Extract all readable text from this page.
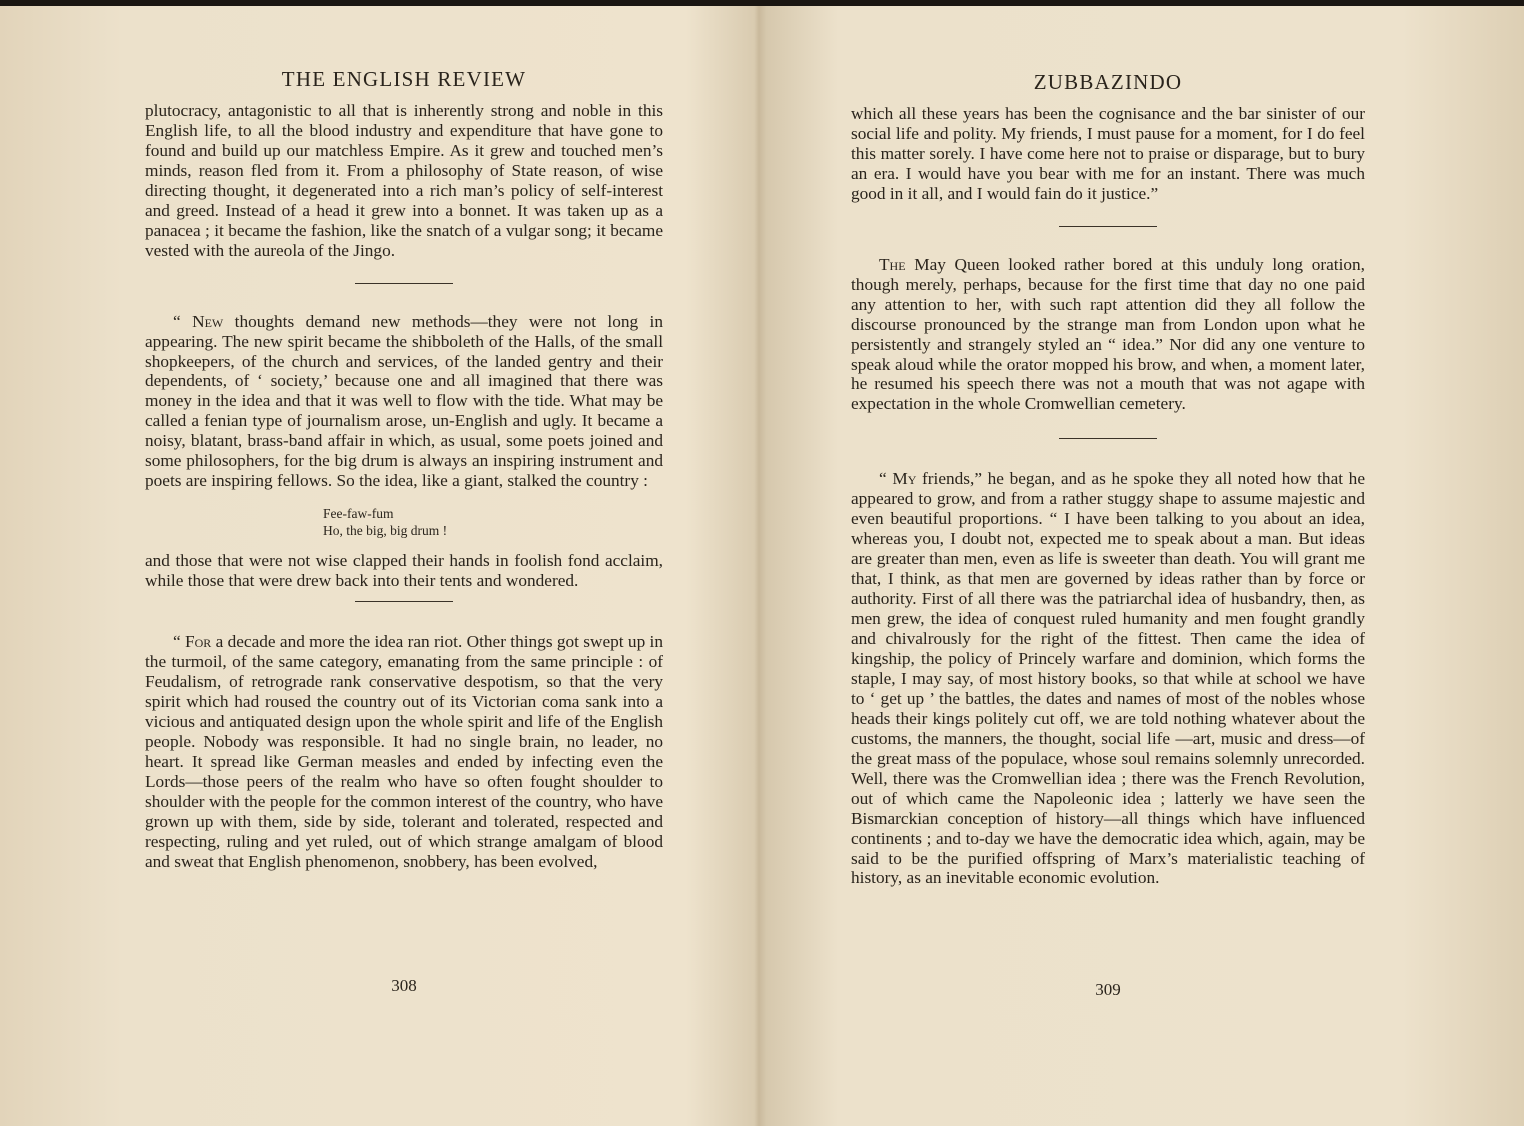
THE ENGLISH REVIEW

plutocracy, antagonistic to all that is inherently strong and noble in this English life, to all the blood industry and expenditure that have gone to found and build up our matchless Empire. As it grew and touched men’s minds, reason fled from it. From a philosophy of State reason, of wise directing thought, it degenerated into a rich man’s policy of self-interest and greed. Instead of a head it grew into a bonnet. It was taken up as a panacea ; it became the fashion, like the snatch of a vulgar song; it became vested with the aureola of the Jingo.

“ New thoughts demand new methods—they were not long in appearing. The new spirit became the shibboleth of the Halls, of the small shopkeepers, of the church and services, of the landed gentry and their dependents, of ‘ society,’ because one and all imagined that there was money in the idea and that it was well to flow with the tide. What may be called a fenian type of journalism arose, un-English and ugly. It became a noisy, blatant, brass-band affair in which, as usual, some poets joined and some philosophers, for the big drum is always an inspiring instrument and poets are inspiring fellows. So the idea, like a giant, stalked the country :

Fee-faw-fum
Ho, the big, big drum !

and those that were not wise clapped their hands in foolish fond acclaim, while those that were drew back into their tents and wondered.

“ For a decade and more the idea ran riot. Other things got swept up in the turmoil, of the same category, emanating from the same principle : of Feudalism, of retrograde rank conservative despotism, so that the very spirit which had roused the country out of its Victorian coma sank into a vicious and antiquated design upon the whole spirit and life of the English people. Nobody was responsible. It had no single brain, no leader, no heart. It spread like German measles and ended by infecting even the Lords—those peers of the realm who have so often fought shoulder to shoulder with the people for the common interest of the country, who have grown up with them, side by side, tolerant and tolerated, respected and respecting, ruling and yet ruled, out of which strange amalgam of blood and sweat that English phenomenon, snobbery, has been evolved,

308
ZUBBAZINDO

which all these years has been the cognisance and the bar sinister of our social life and polity. My friends, I must pause for a moment, for I do feel this matter sorely. I have come here not to praise or disparage, but to bury an era. I would have you bear with me for an instant. There was much good in it all, and I would fain do it justice.”

The May Queen looked rather bored at this unduly long oration, though merely, perhaps, because for the first time that day no one paid any attention to her, with such rapt attention did they all follow the discourse pronounced by the strange man from London upon what he persistently and strangely styled an “ idea.” Nor did any one venture to speak aloud while the orator mopped his brow, and when, a moment later, he resumed his speech there was not a mouth that was not agape with expectation in the whole Cromwellian cemetery.

“ My friends,” he began, and as he spoke they all noted how that he appeared to grow, and from a rather stuggy shape to assume majestic and even beautiful proportions. “ I have been talking to you about an idea, whereas you, I doubt not, expected me to speak about a man. But ideas are greater than men, even as life is sweeter than death. You will grant me that, I think, as that men are governed by ideas rather than by force or authority. First of all there was the patriarchal idea of husbandry, then, as men grew, the idea of conquest ruled humanity and men fought grandly and chivalrously for the right of the fittest. Then came the idea of kingship, the policy of Princely warfare and dominion, which forms the staple, I may say, of most history books, so that while at school we have to ‘ get up ’ the battles, the dates and names of most of the nobles whose heads their kings politely cut off, we are told nothing whatever about the customs, the manners, the thought, social life —art, music and dress—of the great mass of the populace, whose soul remains solemnly unrecorded. Well, there was the Cromwellian idea ; there was the French Revolution, out of which came the Napoleonic idea ; latterly we have seen the Bismarckian conception of history—all things which have influenced continents ; and to-day we have the democratic idea which, again, may be said to be the purified offspring of Marx’s materialistic teaching of history, as an inevitable economic evolution.

309
